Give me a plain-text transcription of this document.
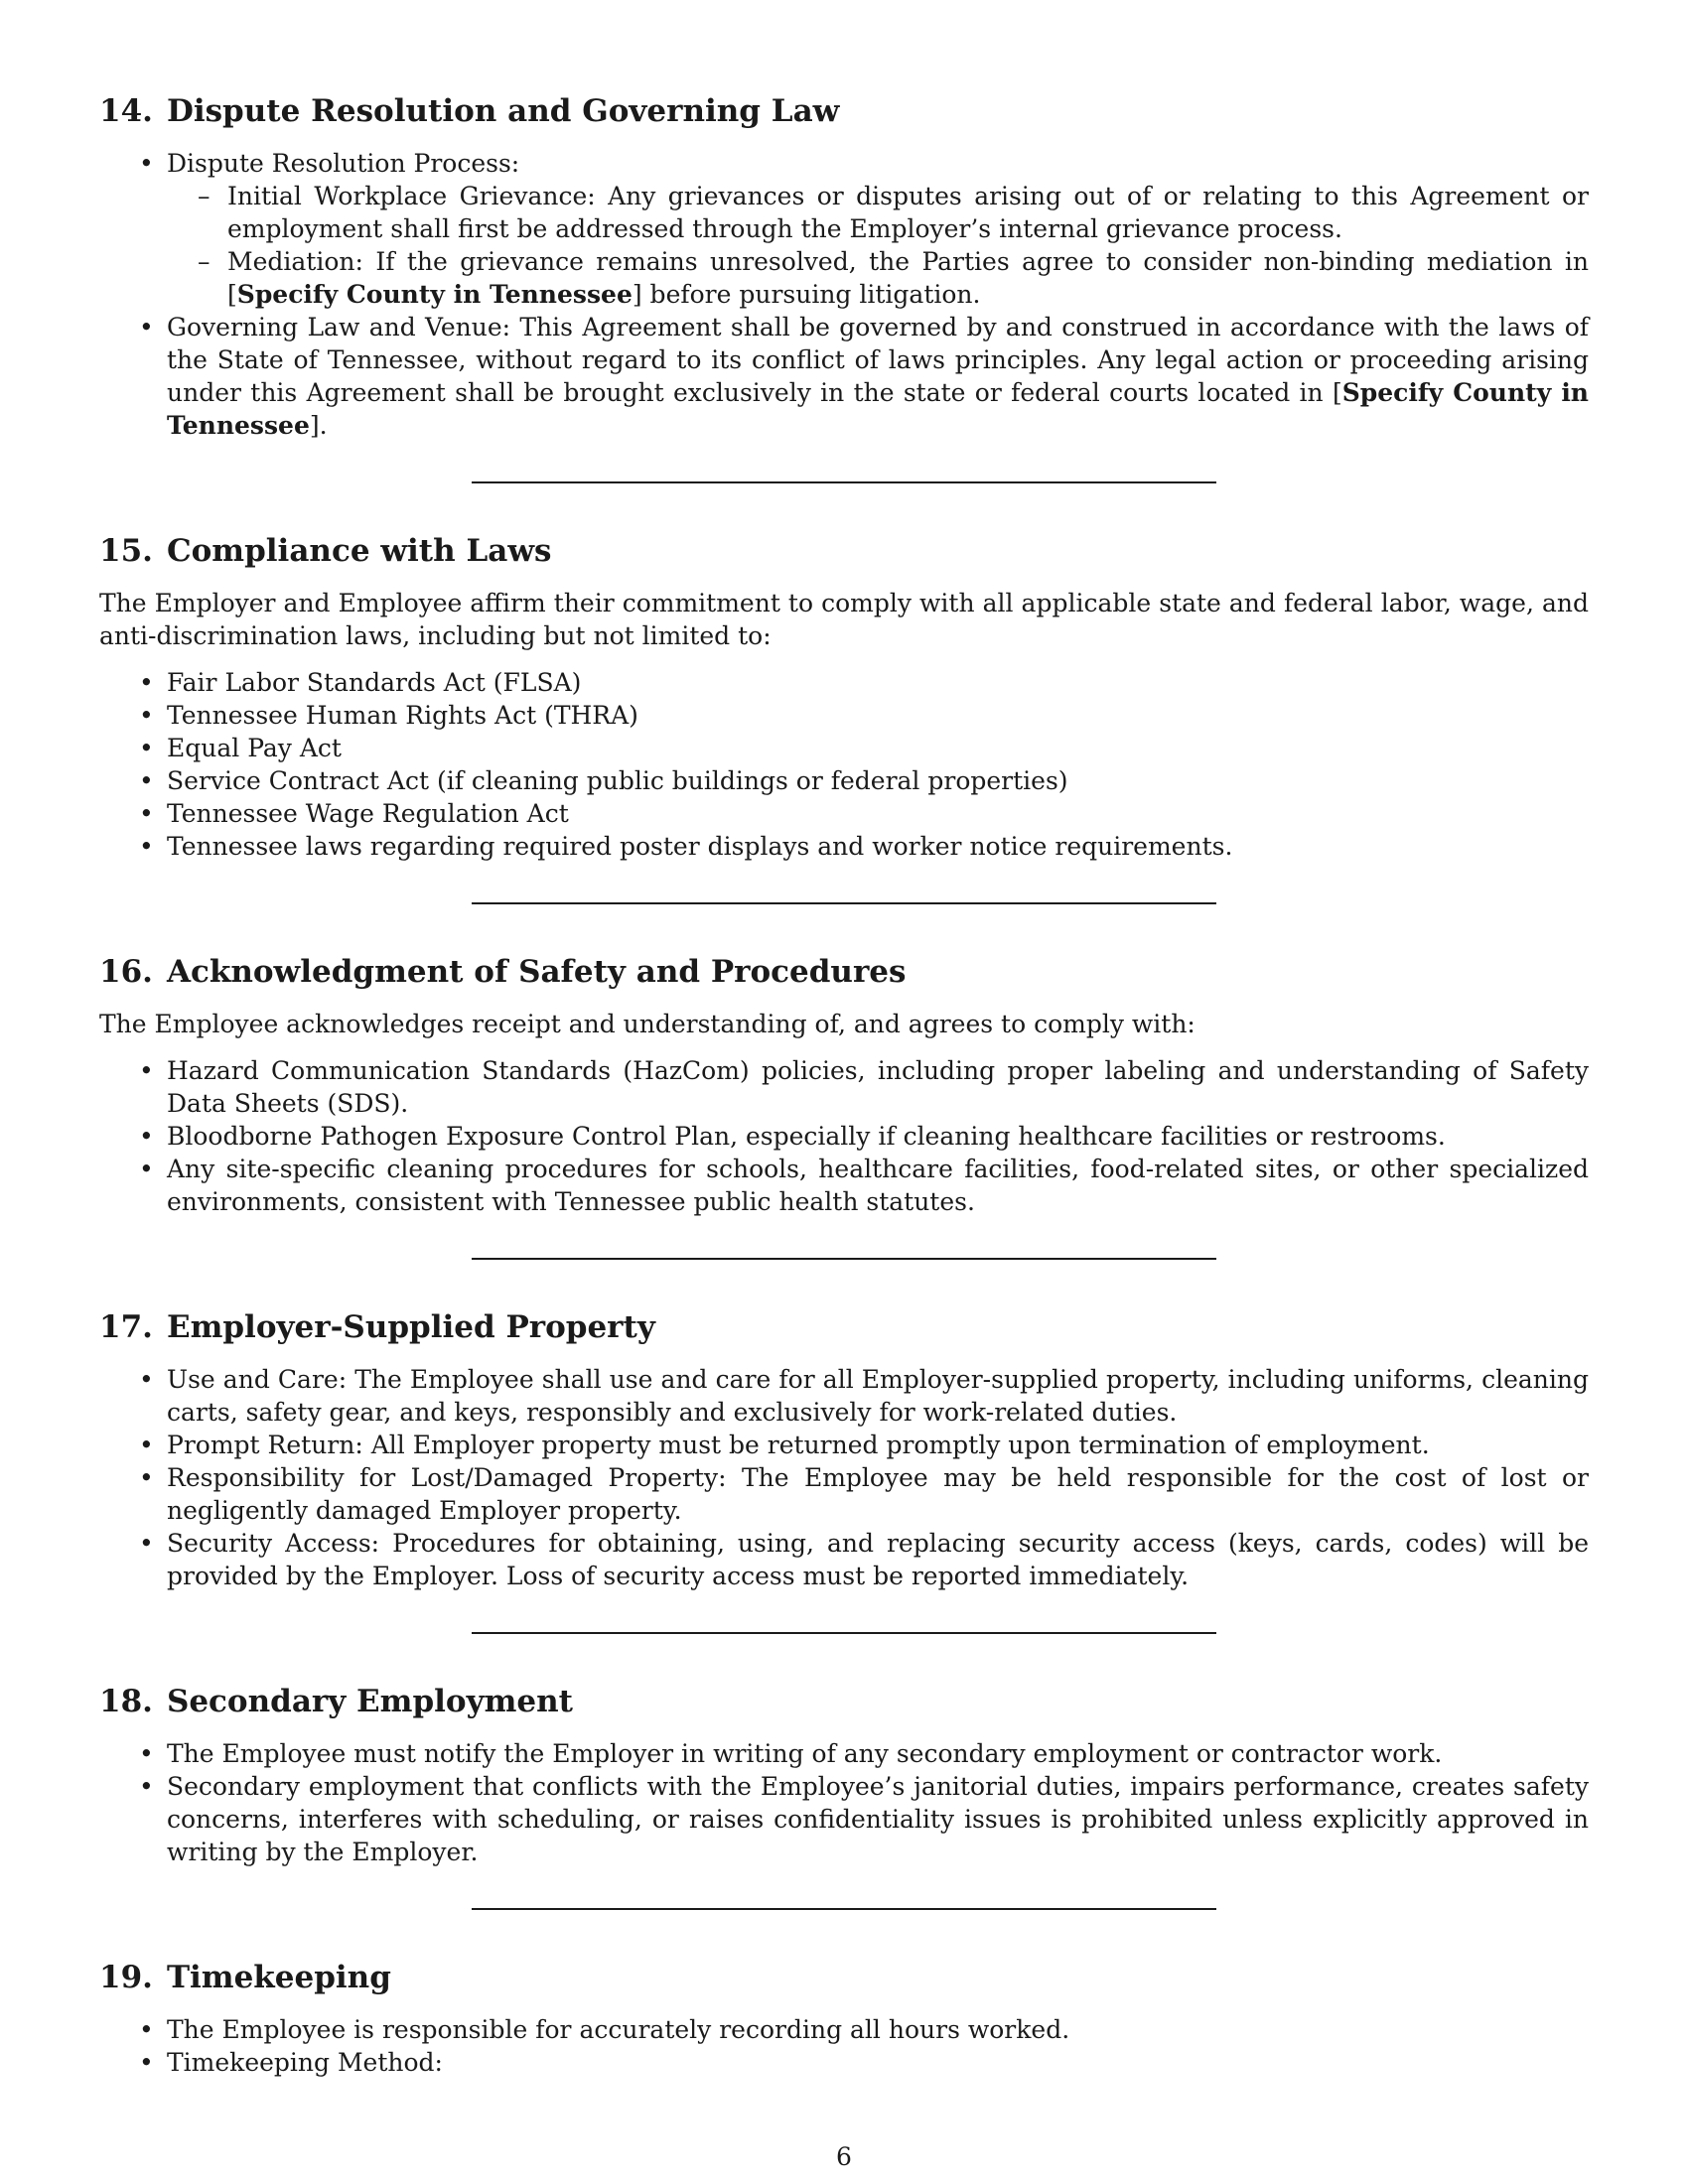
14. Dispute Resolution and Governing Law
• Dispute Resolution Process:
– Initial Workplace Grievance: Any grievances or disputes arising out of or relating to this Agreement or employment shall first be addressed through the Employer’s internal grievance process.
– Mediation: If the grievance remains unresolved, the Parties agree to consider non-binding mediation in [Specify County in Tennessee] before pursuing litigation.
• Governing Law and Venue: This Agreement shall be governed by and construed in accordance with the laws of the State of Tennessee, without regard to its conflict of laws principles. Any legal action or proceeding arising under this Agreement shall be brought exclusively in the state or federal courts located in [Specify County in Tennessee].
15. Compliance with Laws

The Employer and Employee affirm their commitment to comply with all applicable state and federal labor, wage, and anti-discrimination laws, including but not limited to:

• Fair Labor Standards Act (FLSA)
• Tennessee Human Rights Act (THRA)
• Equal Pay Act
• Service Contract Act (if cleaning public buildings or federal properties)
• Tennessee Wage Regulation Act
• Tennessee laws regarding required poster displays and worker notice requirements.
16. Acknowledgment of Safety and Procedures

The Employee acknowledges receipt and understanding of, and agrees to comply with:

• Hazard Communication Standards (HazCom) policies, including proper labeling and understanding of Safety Data Sheets (SDS).
• Bloodborne Pathogen Exposure Control Plan, especially if cleaning healthcare facilities or restrooms.
• Any site-specific cleaning procedures for schools, healthcare facilities, food-related sites, or other specialized environments, consistent with Tennessee public health statutes.
17. Employer-Supplied Property
• Use and Care: The Employee shall use and care for all Employer-supplied property, including uniforms, cleaning carts, safety gear, and keys, responsibly and exclusively for work-related duties.
• Prompt Return: All Employer property must be returned promptly upon termination of employment.
• Responsibility for Lost/Damaged Property: The Employee may be held responsible for the cost of lost or negligently damaged Employer property.
• Security Access: Procedures for obtaining, using, and replacing security access (keys, cards, codes) will be provided by the Employer. Loss of security access must be reported immediately.
18. Secondary Employment
• The Employee must notify the Employer in writing of any secondary employment or contractor work.
• Secondary employment that conflicts with the Employee’s janitorial duties, impairs performance, creates safety concerns, interferes with scheduling, or raises confidentiality issues is prohibited unless explicitly approved in writing by the Employer.
19. Timekeeping
• The Employee is responsible for accurately recording all hours worked.
• Timekeeping Method:
6
